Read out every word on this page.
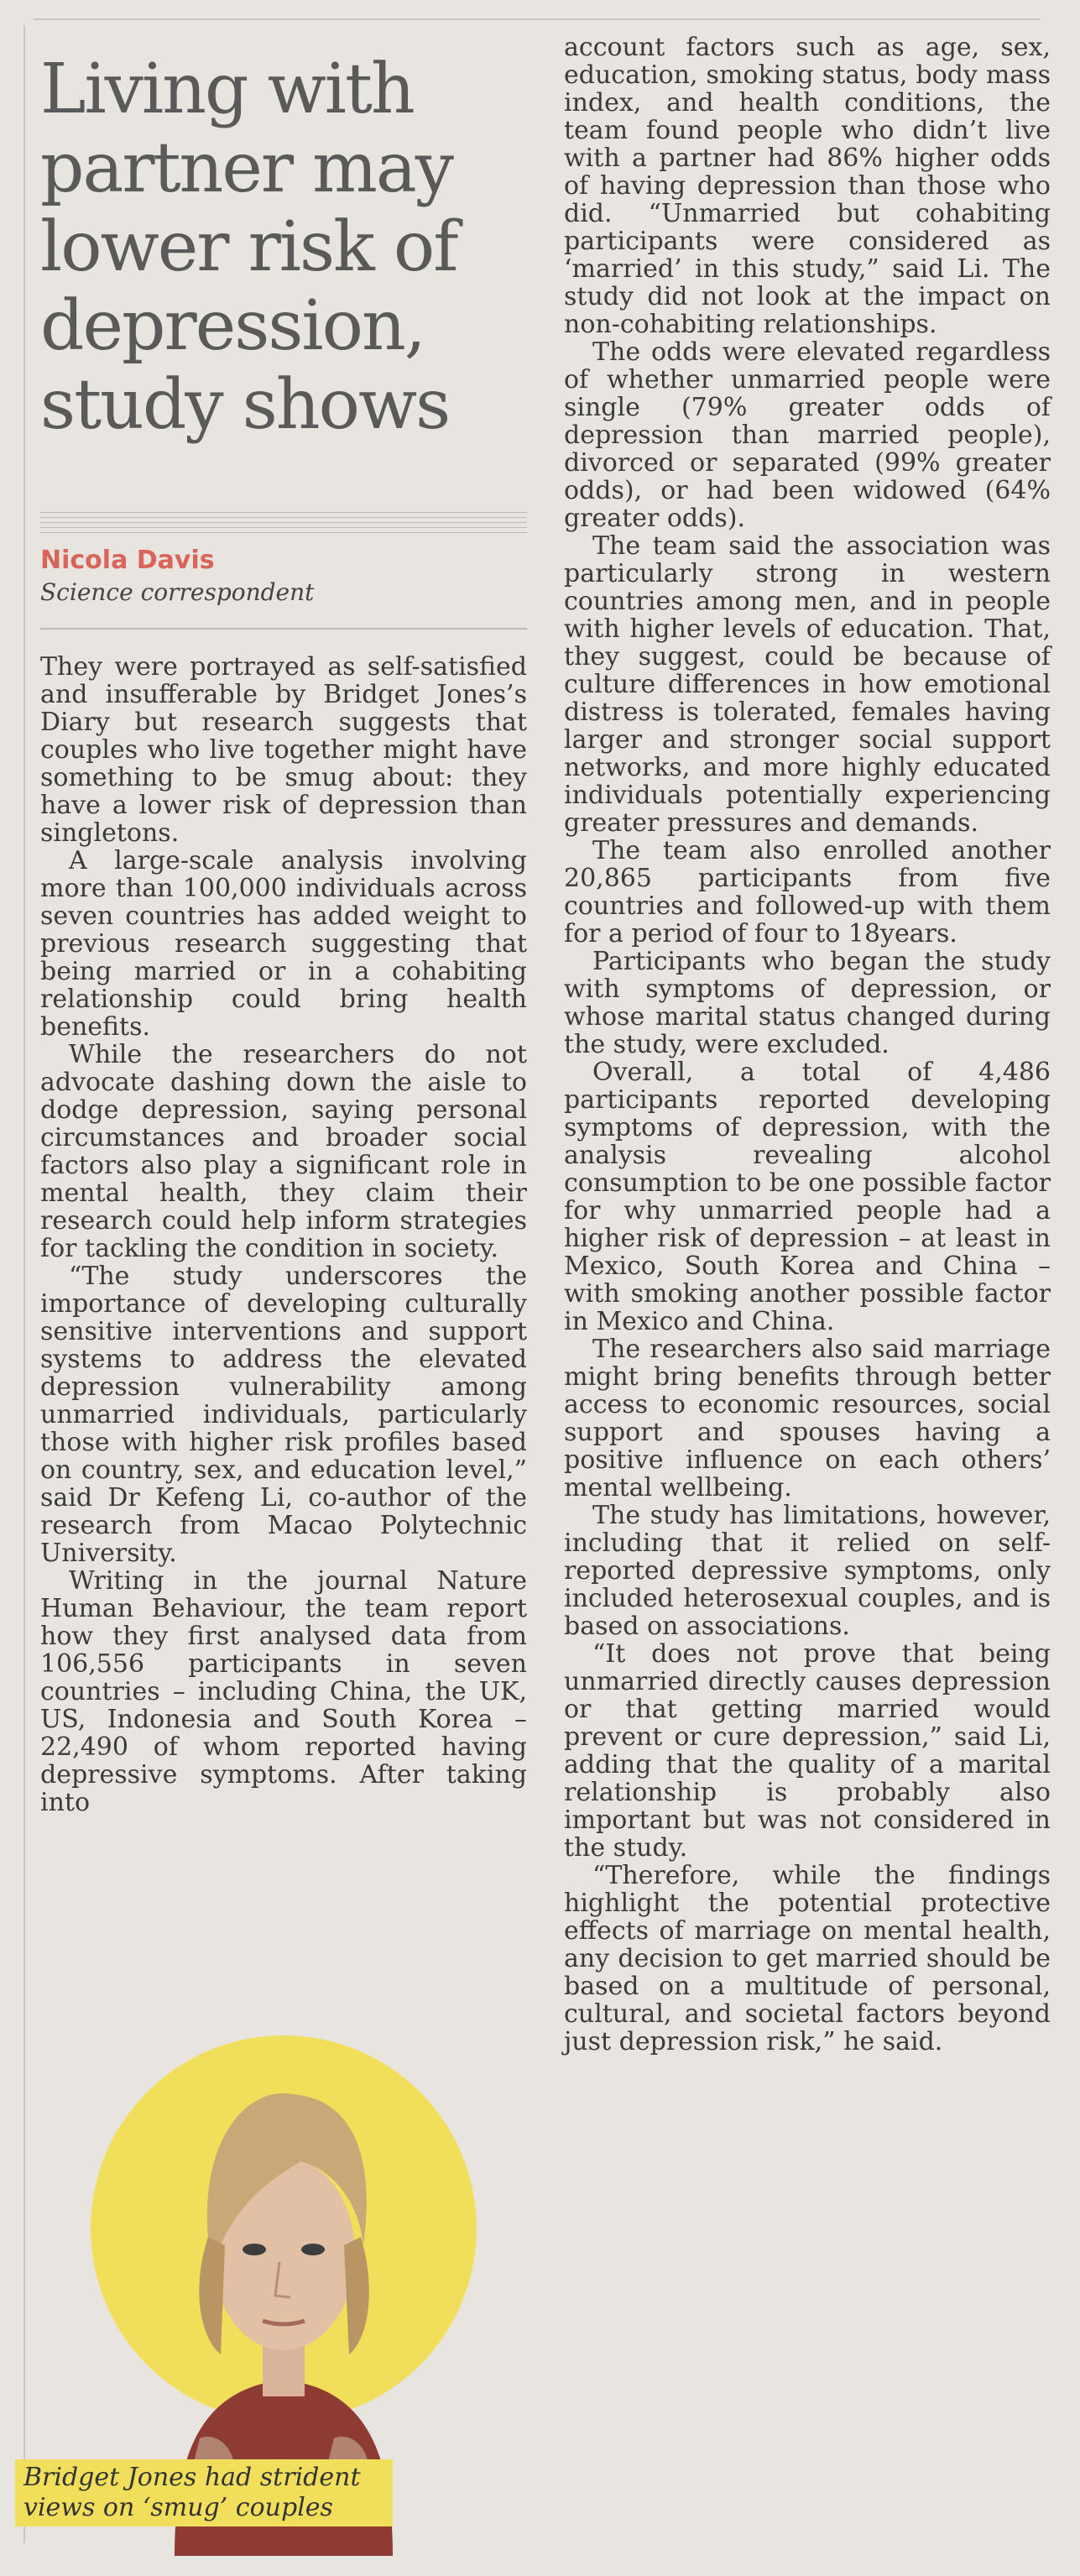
Living with partner may lower risk of depression, study shows
Nicola Davis
Science correspondent

They were portrayed as self-satisfied and insufferable by Bridget Jones’s Diary but research suggests that couples who live together might have something to be smug about: they have a lower risk of depression than singletons.

A large-scale analysis involving more than 100,000 individuals across seven countries has added weight to previous research suggesting that being married or in a cohabiting relationship could bring health benefits.

While the researchers do not advocate dashing down the aisle to dodge depression, saying personal circumstances and broader social factors also play a significant role in mental health, they claim their research could help inform strategies for tackling the condition in society.

“The study underscores the importance of developing culturally sensitive interventions and support systems to address the elevated depression vulnerability among unmarried individuals, particularly those with higher risk profiles based on country, sex, and education level,” said Dr Kefeng Li, co-author of the research from Macao Polytechnic University.

Writing in the journal Nature Human Behaviour, the team report how they first analysed data from 106,556 participants in seven countries – including China, the UK, US, Indonesia and South Korea – 22,490 of whom reported having depressive symptoms. After taking into

Bridget Jones had strident
views on ‘smug’ couples

account factors such as age, sex, education, smoking status, body mass index, and health conditions, the team found people who didn’t live with a partner had 86% higher odds of having depression than those who did. “Unmarried but cohabiting participants were considered as ‘married’ in this study,” said Li. The study did not look at the impact on non-cohabiting relationships.

The odds were elevated regardless of whether unmarried people were single (79% greater odds of depression than married people), divorced or separated (99% greater odds), or had been widowed (64% greater odds).

The team said the association was particularly strong in western countries among men, and in people with higher levels of education. That, they suggest, could be because of culture differences in how emotional distress is tolerated, females having larger and stronger social support networks, and more highly educated individuals potentially experiencing greater pressures and demands.

The team also enrolled another 20,865 participants from five countries and followed-up with them for a period of four to 18years.

Participants who began the study with symptoms of depression, or whose marital status changed during the study, were excluded.

Overall, a total of 4,486 participants reported developing symptoms of depression, with the analysis revealing alcohol consumption to be one possible factor for why unmarried people had a higher risk of depression – at least in Mexico, South Korea and China – with smoking another possible factor in Mexico and China.

The researchers also said marriage might bring benefits through better access to economic resources, social support and spouses having a positive influence on each others’ mental wellbeing.

The study has limitations, however, including that it relied on self-reported depressive symptoms, only included heterosexual couples, and is based on associations.

“It does not prove that being unmarried directly causes depression or that getting married would prevent or cure depression,” said Li, adding that the quality of a marital relationship is probably also important but was not considered in the study.

“Therefore, while the findings highlight the potential protective effects of marriage on mental health, any decision to get married should be based on a multitude of personal, cultural, and societal factors beyond just depression risk,” he said.
